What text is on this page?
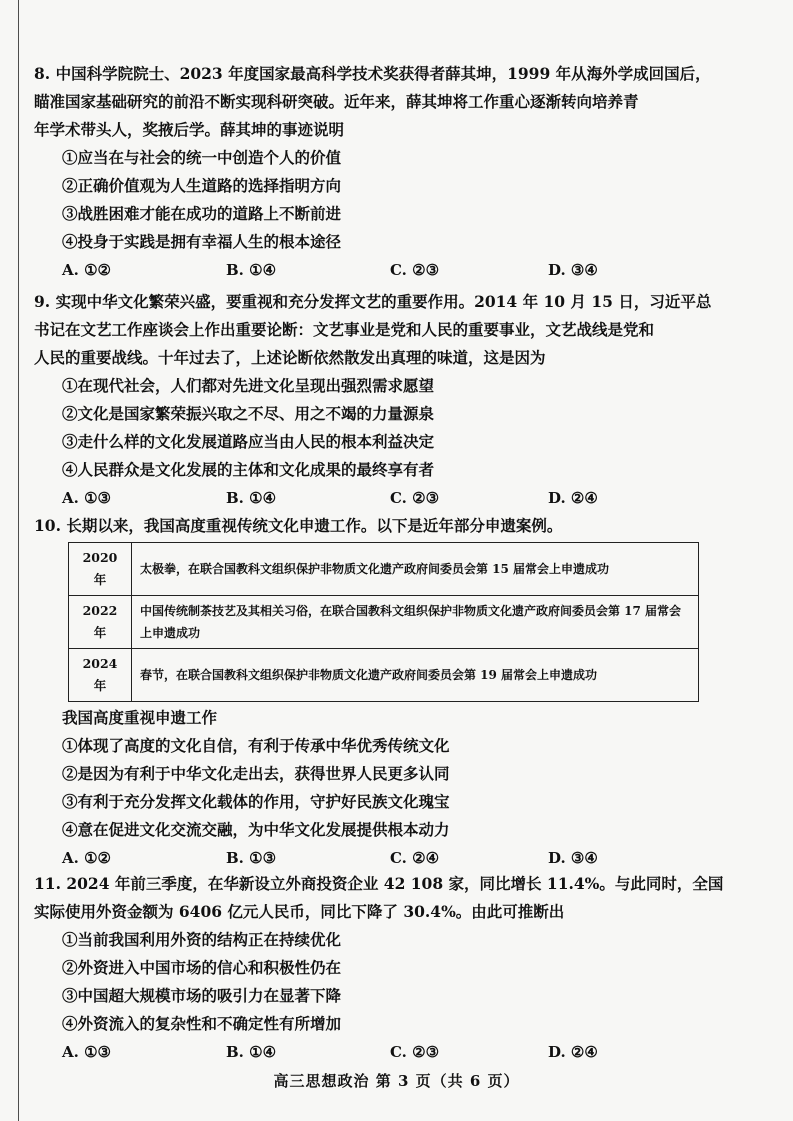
8. 中国科学院院士、2023 年度国家最高科学技术奖获得者薛其坤，1999 年从海外学成回国后，
瞄准国家基础研究的前沿不断实现科研突破。近年来，薛其坤将工作重心逐渐转向培养青
年学术带头人，奖掖后学。薛其坤的事迹说明
①应当在与社会的统一中创造个人的价值
②正确价值观为人生道路的选择指明方向
③战胜困难才能在成功的道路上不断前进
④投身于实践是拥有幸福人生的根本途径
A. ①②	B. ①④	C. ②③	D. ③④
9. 实现中华文化繁荣兴盛，要重视和充分发挥文艺的重要作用。2014 年 10 月 15 日，习近平总
书记在文艺工作座谈会上作出重要论断：文艺事业是党和人民的重要事业，文艺战线是党和
人民的重要战线。十年过去了，上述论断依然散发出真理的味道，这是因为
①在现代社会，人们都对先进文化呈现出强烈需求愿望
②文化是国家繁荣振兴取之不尽、用之不竭的力量源泉
③走什么样的文化发展道路应当由人民的根本利益决定
④人民群众是文化发展的主体和文化成果的最终享有者
A. ①③	B. ①④	C. ②③	D. ②④
10. 长期以来，我国高度重视传统文化申遗工作。以下是近年部分申遗案例。
2020 年	太极拳，在联合国教科文组织保护非物质文化遗产政府间委员会第 15 届常会上申遗成功
2022 年	中国传统制茶技艺及其相关习俗，在联合国教科文组织保护非物质文化遗产政府间委员会第 17 届常会上申遗成功
2024 年	春节，在联合国教科文组织保护非物质文化遗产政府间委员会第 19 届常会上申遗成功
我国高度重视申遗工作
①体现了高度的文化自信，有利于传承中华优秀传统文化
②是因为有利于中华文化走出去，获得世界人民更多认同
③有利于充分发挥文化载体的作用，守护好民族文化瑰宝
④意在促进文化交流交融，为中华文化发展提供根本动力
A. ①②	B. ①③	C. ②④	D. ③④
11. 2024 年前三季度，在华新设立外商投资企业 42 108 家，同比增长 11.4%。与此同时，全国
实际使用外资金额为 6406 亿元人民币，同比下降了 30.4%。由此可推断出
①当前我国利用外资的结构正在持续优化
②外资进入中国市场的信心和积极性仍在
③中国超大规模市场的吸引力在显著下降
④外资流入的复杂性和不确定性有所增加
A. ①③	B. ①④	C. ②③	D. ②④
高三思想政治 第 3 页（共 6 页）
